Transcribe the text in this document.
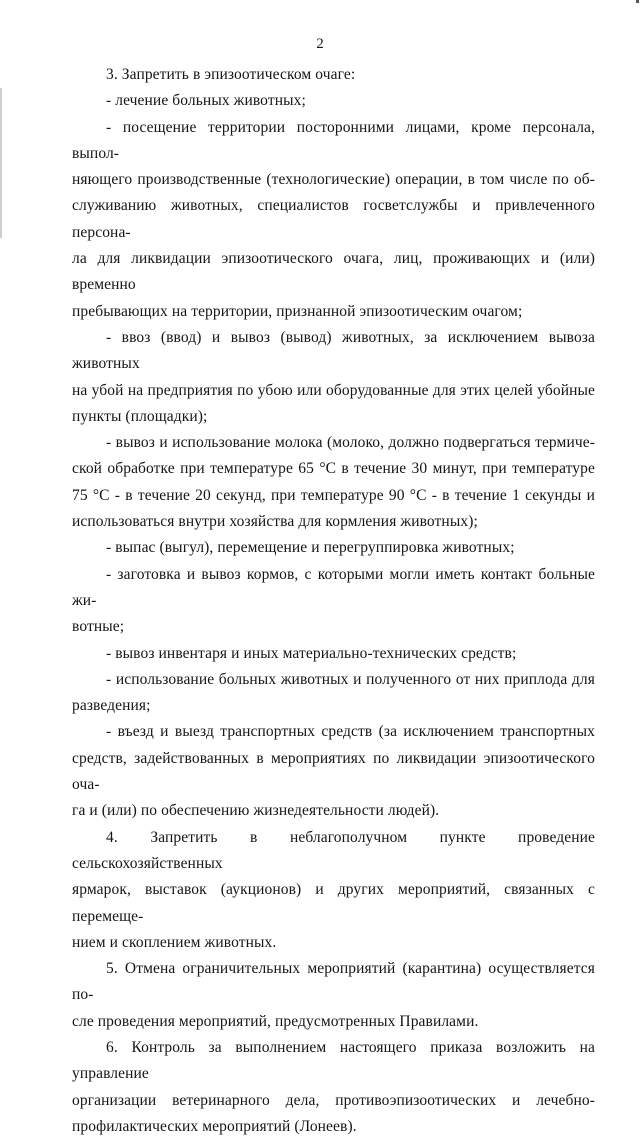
2
3. Запретить в эпизоотическом очаге:
- лечение больных животных;
- посещение территории посторонними лицами, кроме персонала, выпол-
няющего производственные (технологические) операции, в том числе по об-
служиванию животных, специалистов госветслужбы и привлеченного персона-
ла для ликвидации эпизоотического очага, лиц, проживающих и (или) временно
пребывающих на территории, признанной эпизоотическим очагом;
- ввоз (ввод) и вывоз (вывод) животных, за исключением вывоза животных
на убой на предприятия по убою или оборудованные для этих целей убойные
пункты (площадки);
- вывоз и использование молока (молоко, должно подвергаться термиче-
ской обработке при температуре 65 °С в течение 30 минут, при температуре
75 °С - в течение 20 секунд, при температуре 90 °С - в течение 1 секунды и
использоваться внутри хозяйства для кормления животных);
- выпас (выгул), перемещение и перегруппировка животных;
- заготовка и вывоз кормов, с которыми могли иметь контакт больные жи-
вотные;
- вывоз инвентаря и иных материально-технических средств;
- использование больных животных и полученного от них приплода для
разведения;
- въезд и выезд транспортных средств (за исключением транспортных
средств, задействованных в мероприятиях по ликвидации эпизоотического оча-
га и (или) по обеспечению жизнедеятельности людей).
4. Запретить в неблагополучном пункте проведение сельскохозяйственных
ярмарок, выставок (аукционов) и других мероприятий, связанных с перемеще-
нием и скоплением животных.
5. Отмена ограничительных мероприятий (карантина) осуществляется по-
сле проведения мероприятий, предусмотренных Правилами.
6. Контроль за выполнением настоящего приказа возложить на управление
организации ветеринарного дела, противоэпизоотических и лечебно-
профилактических мероприятий (Лонеев).
